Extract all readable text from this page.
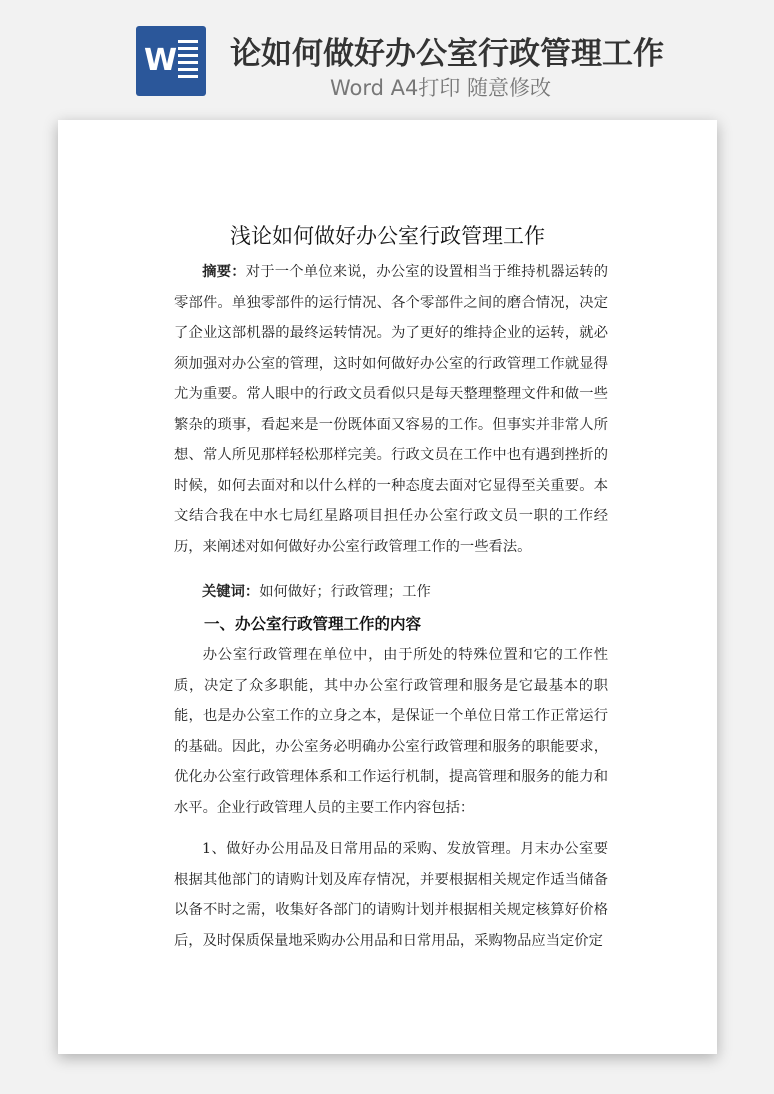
W 论如何做好办公室行政管理工作
Word A4打印 随意修改
浅论如何做好办公室行政管理工作
摘要：对于一个单位来说，办公室的设置相当于维持机器运转的零部件。单独零部件的运行情况、各个零部件之间的磨合情况，决定了企业这部机器的最终运转情况。为了更好的维持企业的运转，就必须加强对办公室的管理，这时如何做好办公室的行政管理工作就显得尤为重要。常人眼中的行政文员看似只是每天整理整理文件和做一些繁杂的琐事，看起来是一份既体面又容易的工作。但事实并非常人所想、常人所见那样轻松那样完美。行政文员在工作中也有遇到挫折的时候，如何去面对和以什么样的一种态度去面对它显得至关重要。本文结合我在中水七局红星路项目担任办公室行政文员一职的工作经历，来阐述对如何做好办公室行政管理工作的一些看法。
关键词：如何做好；行政管理；工作
一、办公室行政管理工作的内容
办公室行政管理在单位中，由于所处的特殊位置和它的工作性质，决定了众多职能，其中办公室行政管理和服务是它最基本的职能，也是办公室工作的立身之本，是保证一个单位日常工作正常运行的基础。因此，办公室务必明确办公室行政管理和服务的职能要求，优化办公室行政管理体系和工作运行机制，提高管理和服务的能力和水平。企业行政管理人员的主要工作内容包括：
1、做好办公用品及日常用品的采购、发放管理。月末办公室要根据其他部门的请购计划及库存情况，并要根据相关规定作适当储备以备不时之需，收集好各部门的请购计划并根据相关规定核算好价格后，及时保质保量地采购办公用品和日常用品，采购物品应当定价定
